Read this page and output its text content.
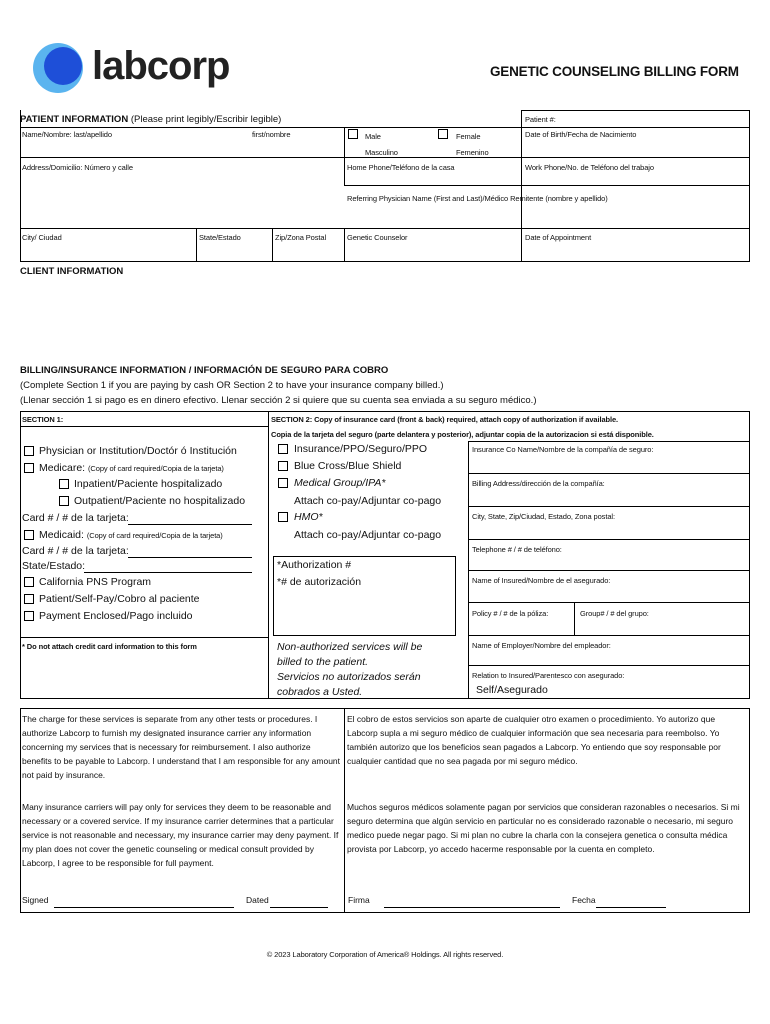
labcorp	GENETIC COUNSELING BILLING FORM
PATIENT INFORMATION (Please print legibly/Escribir legible)	Patient #:
Name/Nombre: last/apellido	first/nombre	Male
Masculino
Female
Femenino
Date of Birth/Fecha de Nacimiento
Address/Domicilio: Número y calle	Home Phone/Teléfono de la casa	Work Phone/No. de Teléfono del trabajo
Referring Physician Name (First and Last)/Médico Remitente (nombre y apellido)
City/ Ciudad	State/Estado	Zip/Zona Postal	Genetic Counselor	Date of Appointment
CLIENT INFORMATION
BILLING/INSURANCE INFORMATION / INFORMACIÓN DE SEGURO PARA COBRO
(Complete Section 1 if you are paying by cash OR Section 2 to have your insurance company billed.)
(Llenar sección 1 si pago es en dinero efectivo. Llenar sección 2 si quiere que su cuenta sea enviada a su seguro médico.)
SECTION 1:
Physician or Institution/Doctór ó Institución
Medicare: (Copy of card required/Copia de la tarjeta)
Inpatient/Paciente hospitalizado
Outpatient/Paciente no hospitalizado
Card # / # de la tarjeta:
Medicaid: (Copy of card required/Copia de la tarjeta)
Card # / # de la tarjeta:
State/Estado:
California PNS Program
Patient/Self-Pay/Cobro al paciente
Payment Enclosed/Pago incluido
* Do not attach credit card information to this form
SECTION 2: Copy of insurance card (front & back) required, attach copy of authorization if available.
Copia de la tarjeta del seguro (parte delantera y posterior), adjuntar copia de la autorizacion si está disponible.
Insurance/PPO/Seguro/PPO
Blue Cross/Blue Shield
Medical Group/IPA*
Attach co-pay/Adjuntar co-pago
HMO*
Attach co-pay/Adjuntar co-pago
*Authorization #
*# de autorización
Non-authorized services will be
billed to the patient.
Servicios no autorizados serán
cobrados a Usted.
Insurance Co Name/Nombre de la compañía de seguro:
Billing Address/dirección de la compañía:
City, State, Zip/Ciudad, Estado, Zona postal:
Telephone # / # de teléfono:
Name of Insured/Nombre de el asegurado:
Policy # / # de la póliza:	Group# / # del grupo:
Name of Employer/Nombre del empleador:
Relation to Insured/Parentesco con asegurado:
Self/Asegurado
The charge for these services is separate from any other tests or procedures. I authorize Labcorp to furnish my designated insurance carrier any information concerning my services that is necessary for reimbursement. I also authorize benefits to be payable to Labcorp. I understand that I am responsible for any amount not paid by insurance.
El cobro de estos servicios son aparte de cualquier otro examen o procedimiento. Yo autorizo que Labcorp supla a mi seguro médico de cualquier información que sea necesaria para reembolso. Yo también autorizo que los beneficios sean pagados a Labcorp. Yo entiendo que soy responsable por cualquier cantidad que no sea pagada por mi seguro médico.
Many insurance carriers will pay only for services they deem to be reasonable and necessary or a covered service. If my insurance carrier determines that a particular service is not reasonable and necessary, my insurance carrier may deny payment. If my plan does not cover the genetic counseling or medical consult provided by Labcorp, I agree to be responsible for full payment.
Muchos seguros médicos solamente pagan por servicios que consideran razonables o necesarios. Si mi seguro determina que algún servicio en particular no es considerado razonable o necesario, mi seguro medico puede negar pago. Si mi plan no cubre la charla con la consejera genetica o consulta médica provista por Labcorp, yo accedo hacerme responsable por la cuenta en completo.
Signed	Dated	Firma	Fecha
© 2023 Laboratory Corporation of America® Holdings. All rights reserved.
